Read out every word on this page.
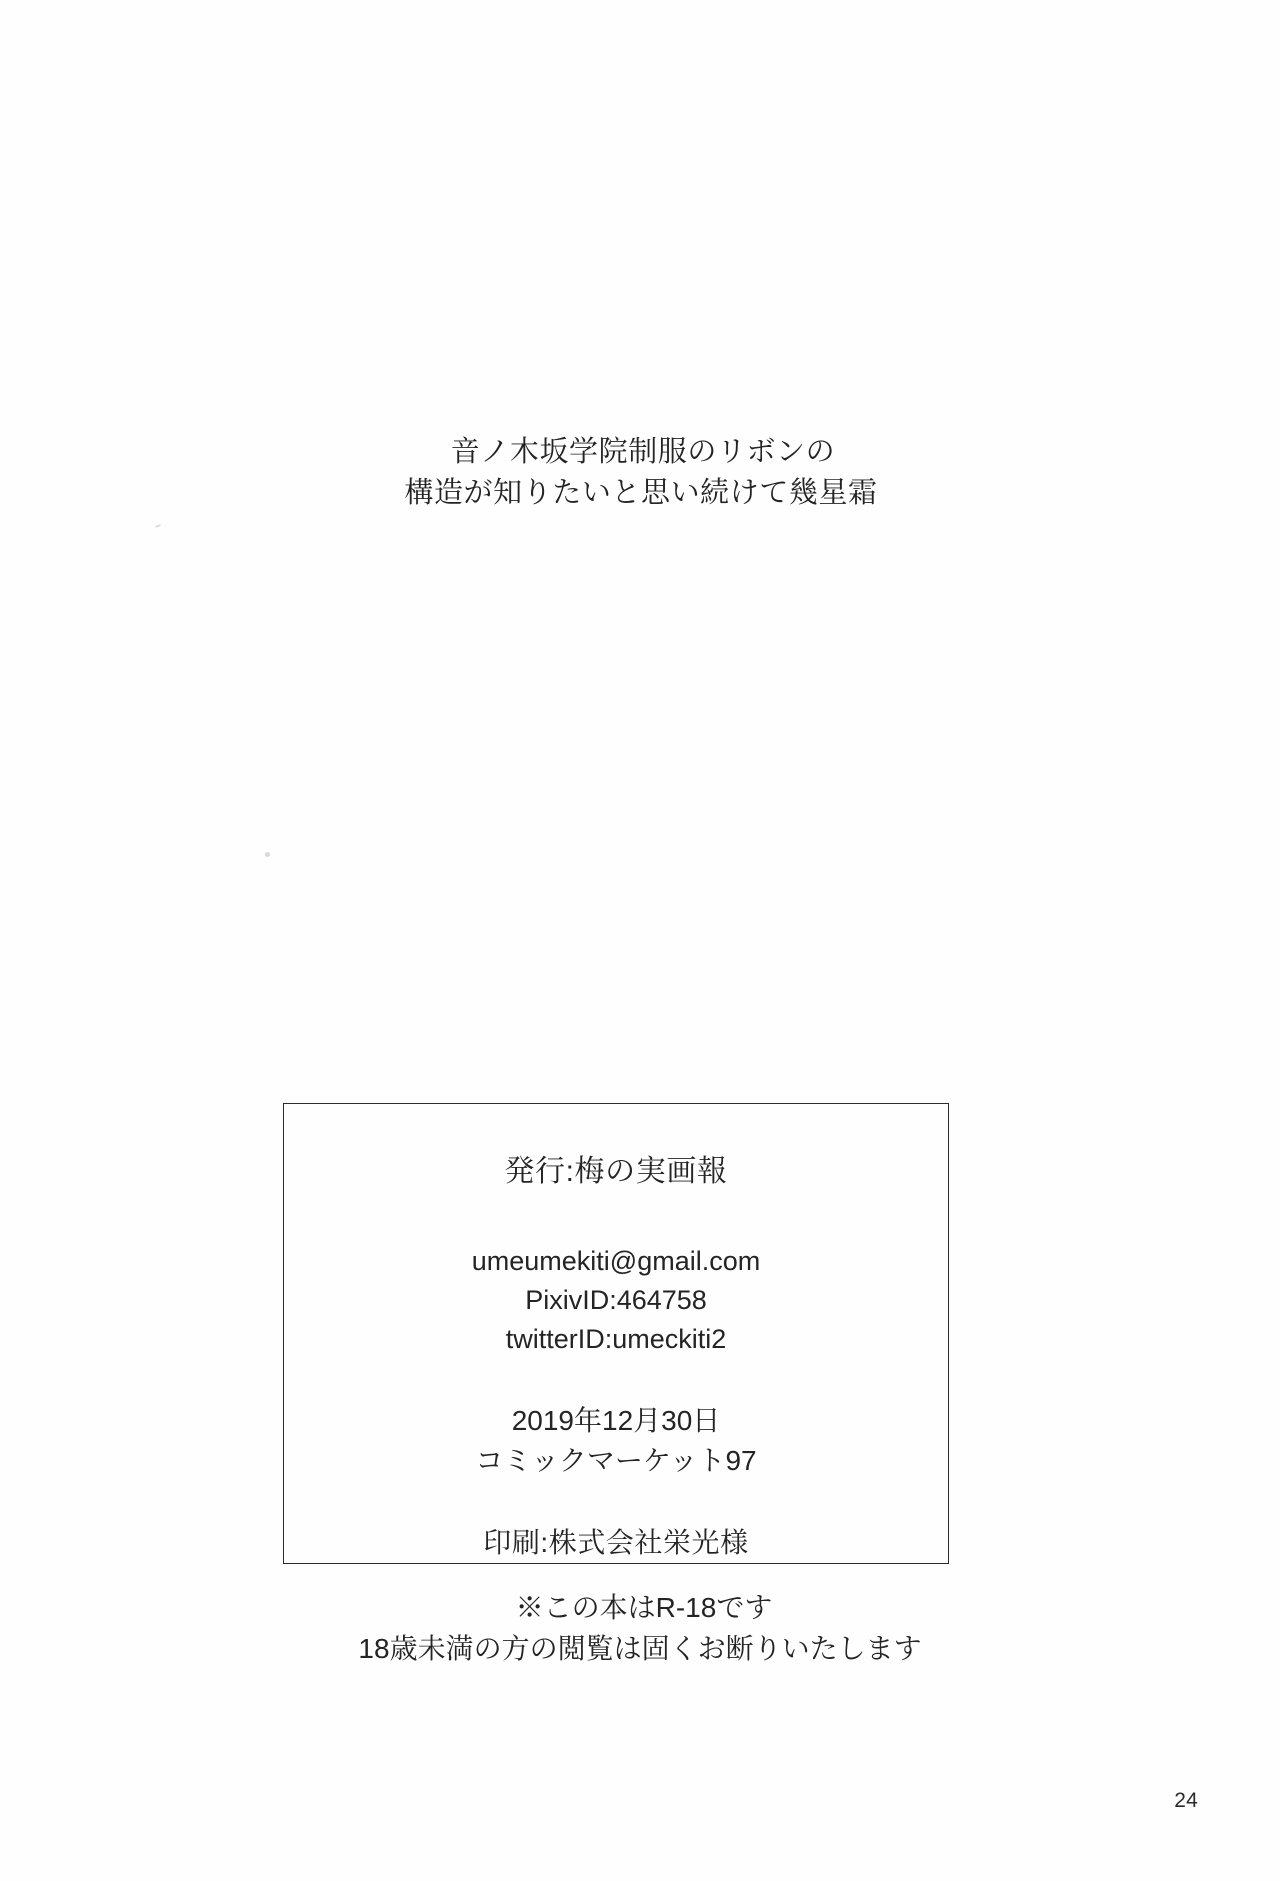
音ノ木坂学院制服のリボンの
構造が知りたいと思い続けて幾星霜
発行:梅の実画報
umeumekiti@gmail.com
PixivID:464758
twitterID:umeckiti2
2019年12月30日
コミックマーケット97
印刷:株式会社栄光様
※この本はR-18です
18歳未満の方の閲覧は固くお断りいたします
24
